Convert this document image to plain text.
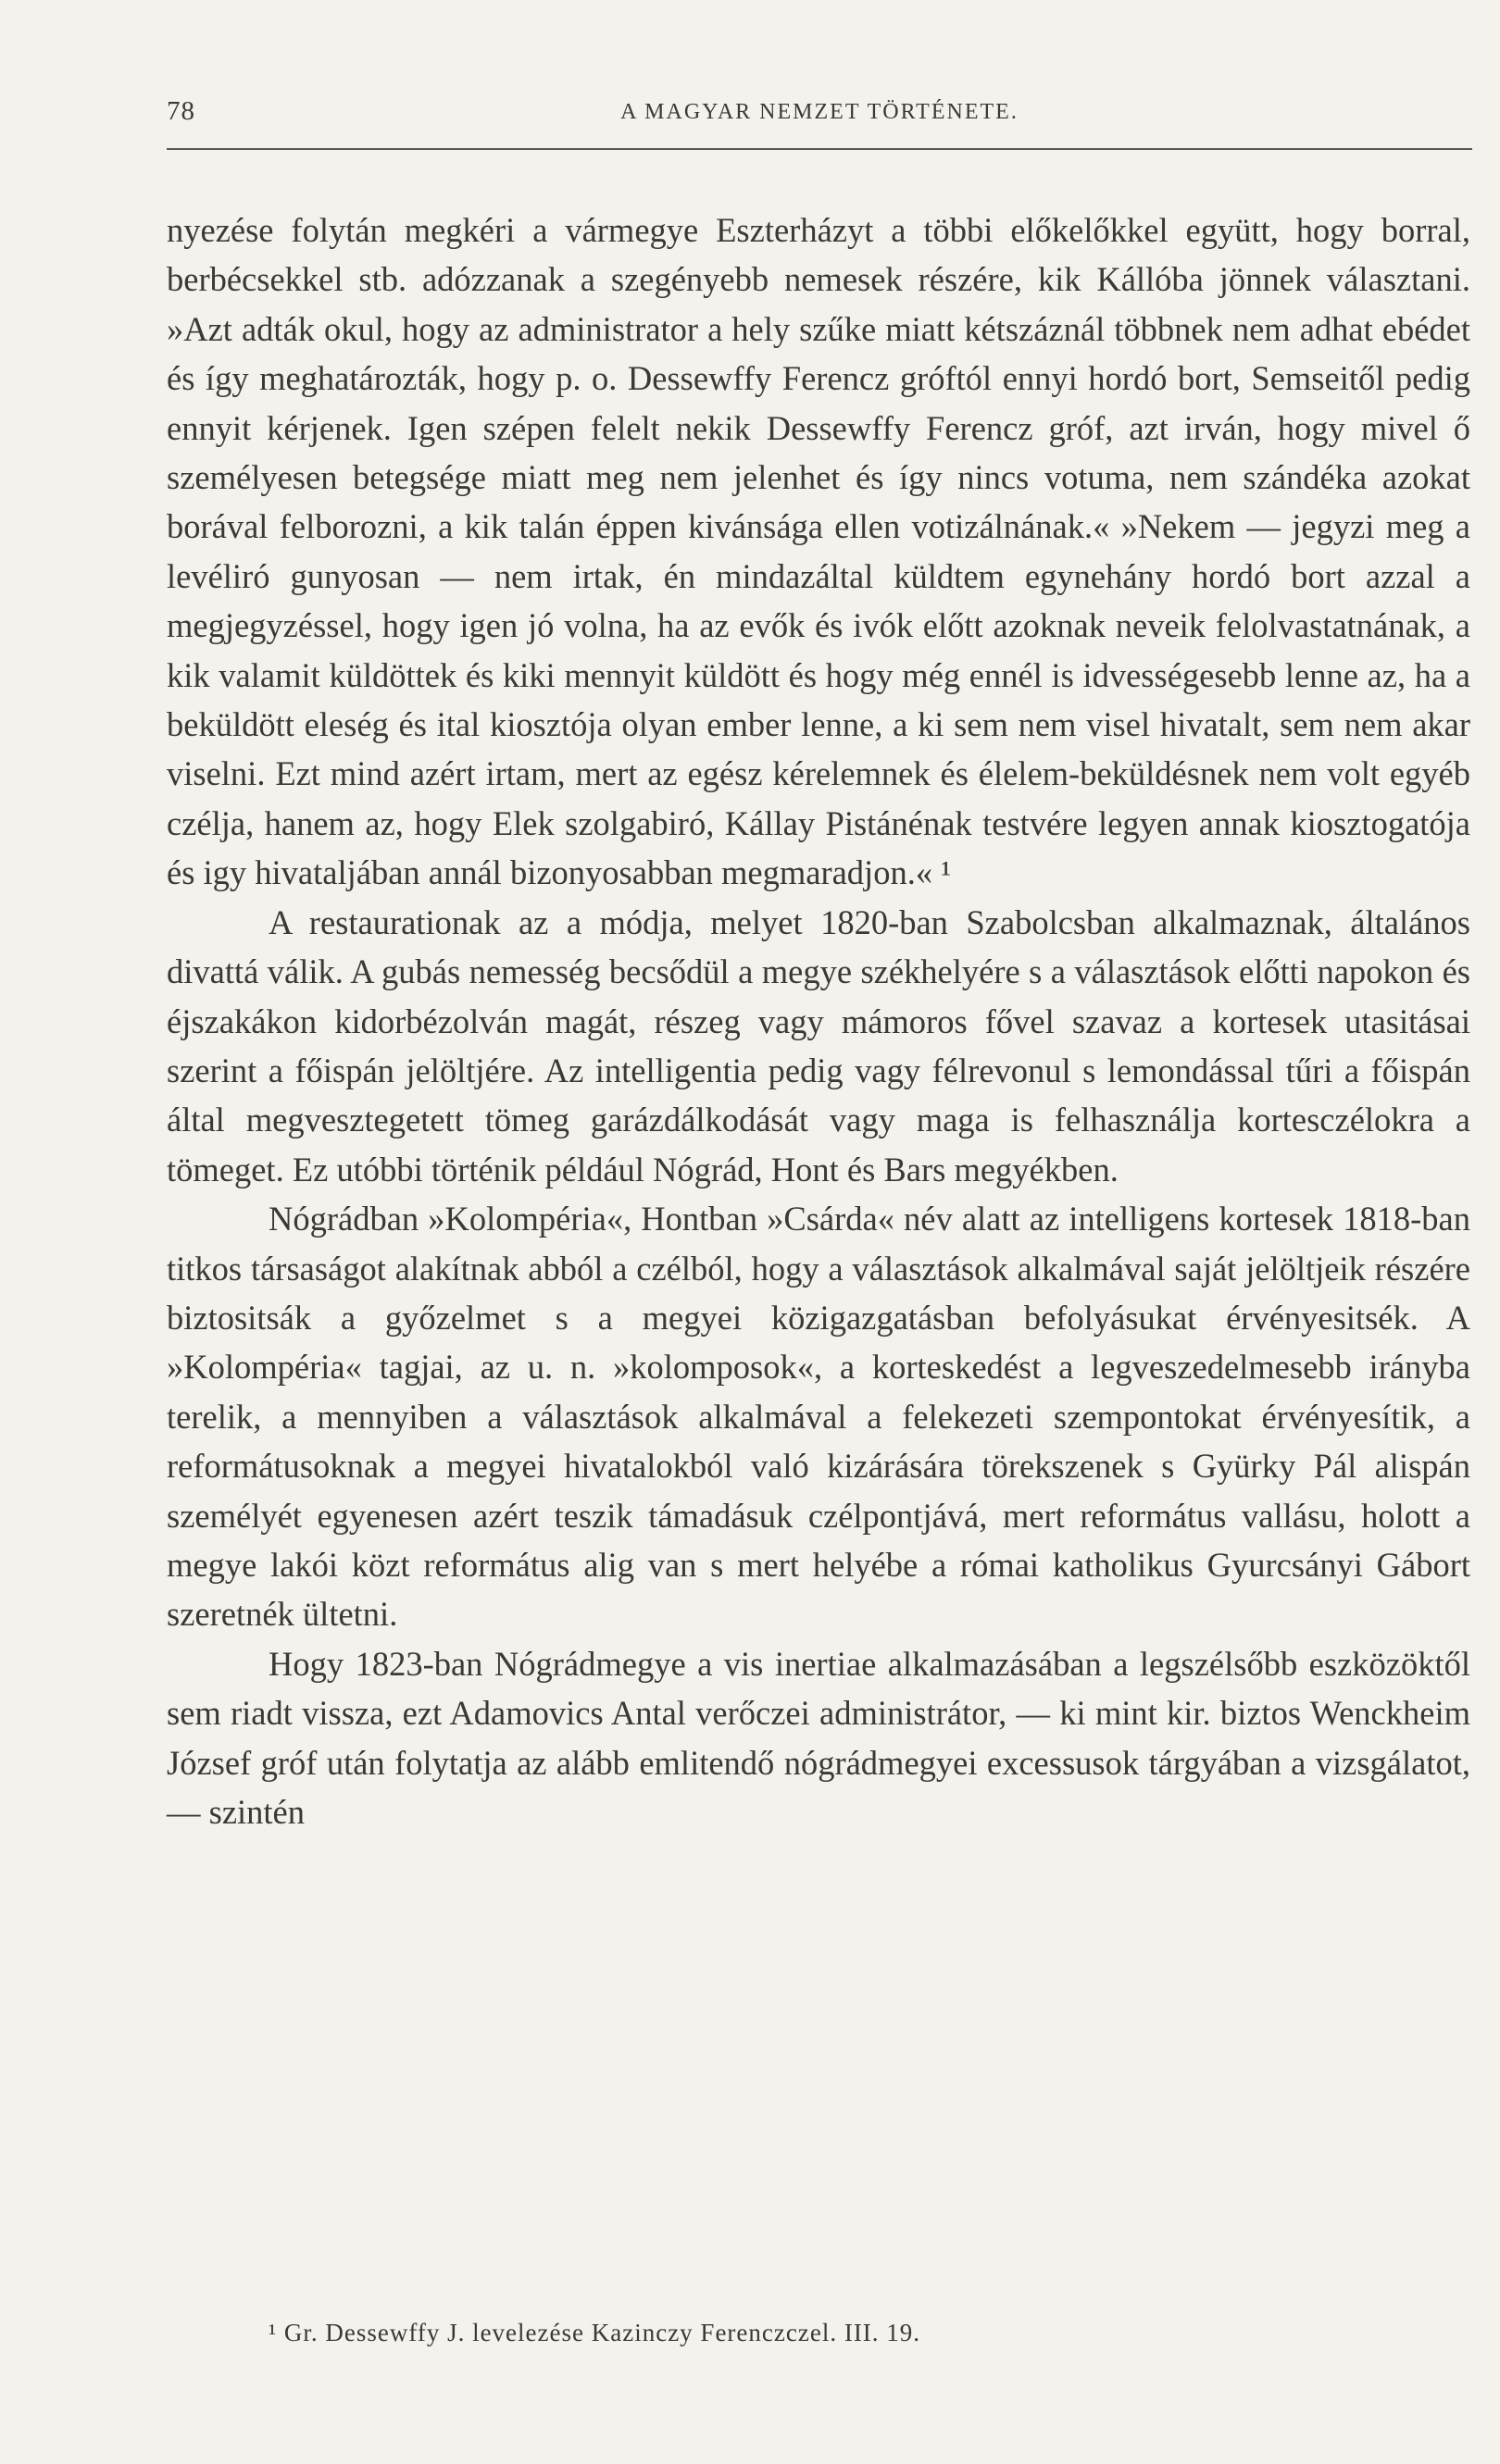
78	A MAGYAR NEMZET TÖRTÉNETE.

nyezése folytán megkéri a vármegye Eszterházyt a többi előkelőkkel együtt, hogy borral, berbécsekkel stb. adózzanak a szegényebb nemesek részére, kik Kállóba jönnek választani. »Azt adták okul, hogy az administrator a hely szűke miatt kétszáznál többnek nem adhat ebédet és így meghatározták, hogy p. o. Dessewffy Ferencz gróftól ennyi hordó bort, Semseitől pedig ennyit kérjenek. Igen szépen felelt nekik Dessewffy Ferencz gróf, azt irván, hogy mivel ő személyesen betegsége miatt meg nem jelenhet és így nincs votuma, nem szándéka azokat borával felborozni, a kik talán éppen kivánsága ellen votizálnának.« »Nekem — jegyzi meg a levéliró gunyosan — nem irtak, én mindazáltal küldtem egynehány hordó bort azzal a megjegyzéssel, hogy igen jó volna, ha az evők és ivók előtt azoknak neveik felolvastatnának, a kik valamit küldöttek és kiki mennyit küldött és hogy még ennél is idvességesebb lenne az, ha a beküldött eleség és ital kiosztója olyan ember lenne, a ki sem nem visel hivatalt, sem nem akar viselni. Ezt mind azért irtam, mert az egész kérelemnek és élelem-beküldésnek nem volt egyéb czélja, hanem az, hogy Elek szolgabiró, Kállay Pistánénak testvére legyen annak kiosztogatója és igy hivataljában annál bizonyosabban megmaradjon.« ¹

A restaurationak az a módja, melyet 1820-ban Szabolcsban alkalmaznak, általános divattá válik. A gubás nemesség becsődül a megye székhelyére s a választások előtti napokon és éjszakákon kidorbézolván magát, részeg vagy mámoros fővel szavaz a kortesek utasitásai szerint a főispán jelöltjére. Az intelligentia pedig vagy félrevonul s lemondással tűri a főispán által megvesztegetett tömeg garázdálkodását vagy maga is felhasználja kortesczélokra a tömeget. Ez utóbbi történik például Nógrád, Hont és Bars megyékben.

Nógrádban »Kolompéria«, Hontban »Csárda« név alatt az intelligens kortesek 1818-ban titkos társaságot alakítnak abból a czélból, hogy a választások alkalmával saját jelöltjeik részére biztositsák a győzelmet s a megyei közigazgatásban befolyásukat érvényesitsék. A »Kolompéria« tagjai, az u. n. »kolomposok«, a korteskedést a legveszedelmesebb irányba terelik, a mennyiben a választások alkalmával a felekezeti szempontokat érvényesítik, a reformátusoknak a megyei hivatalokból való kizárására törekszenek s Gyürky Pál alispán személyét egyenesen azért teszik támadásuk czélpontjává, mert református vallásu, holott a megye lakói közt református alig van s mert helyébe a római katholikus Gyurcsányi Gábort szeretnék ültetni.

Hogy 1823-ban Nógrádmegye a vis inertiae alkalmazásában a legszélsőbb eszközöktől sem riadt vissza, ezt Adamovics Antal verőczei administrátor, — ki mint kir. biztos Wenckheim József gróf után folytatja az alább emlitendő nógrádmegyei excessusok tárgyában a vizsgálatot, — szintén

¹ Gr. Dessewffy J. levelezése Kazinczy Ferenczczel. III. 19.
